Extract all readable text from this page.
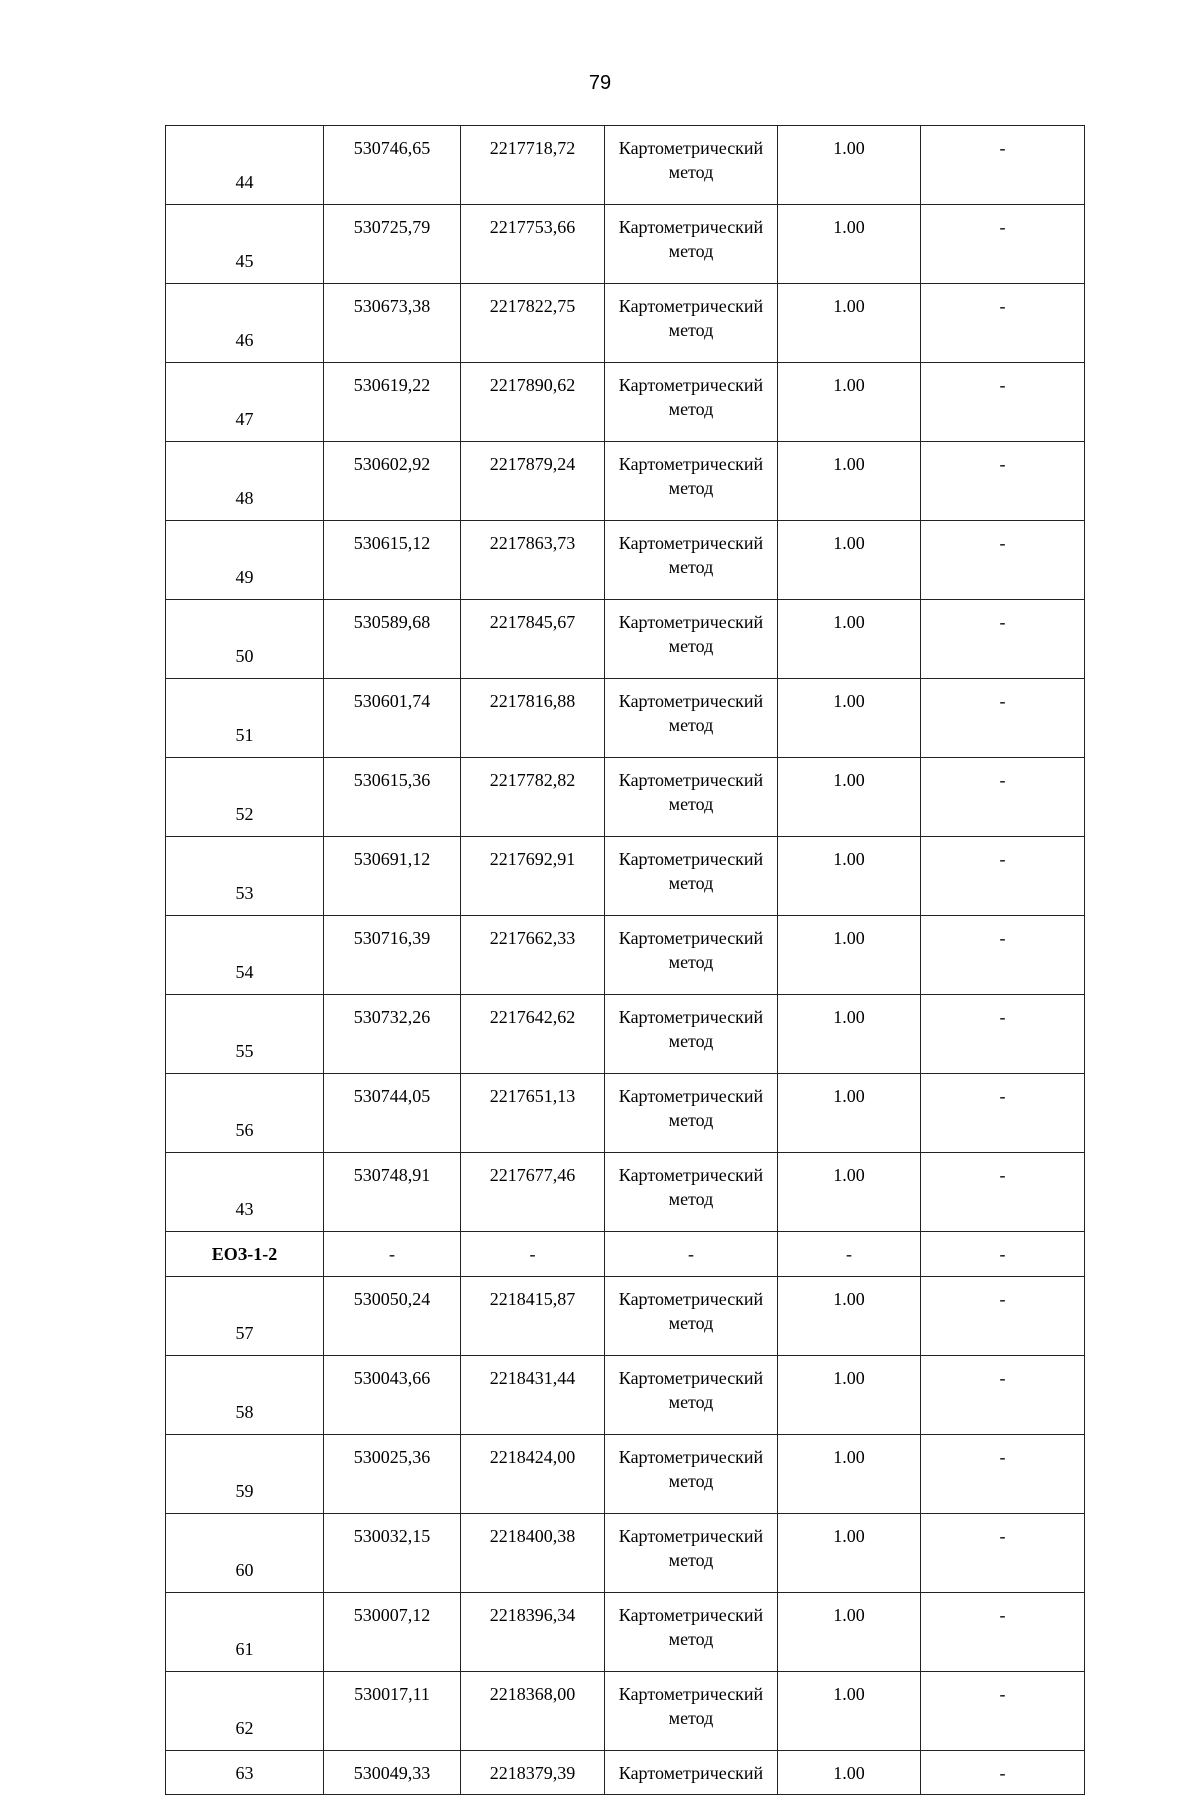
79
44	530746,65	2217718,72	Картометрический метод	1.00	-
45	530725,79	2217753,66	Картометрический метод	1.00	-
46	530673,38	2217822,75	Картометрический метод	1.00	-
47	530619,22	2217890,62	Картометрический метод	1.00	-
48	530602,92	2217879,24	Картометрический метод	1.00	-
49	530615,12	2217863,73	Картометрический метод	1.00	-
50	530589,68	2217845,67	Картометрический метод	1.00	-
51	530601,74	2217816,88	Картометрический метод	1.00	-
52	530615,36	2217782,82	Картометрический метод	1.00	-
53	530691,12	2217692,91	Картометрический метод	1.00	-
54	530716,39	2217662,33	Картометрический метод	1.00	-
55	530732,26	2217642,62	Картометрический метод	1.00	-
56	530744,05	2217651,13	Картометрический метод	1.00	-
43	530748,91	2217677,46	Картометрический метод	1.00	-
ЕОЗ-1-2	-	-	-	-	-
57	530050,24	2218415,87	Картометрический метод	1.00	-
58	530043,66	2218431,44	Картометрический метод	1.00	-
59	530025,36	2218424,00	Картометрический метод	1.00	-
60	530032,15	2218400,38	Картометрический метод	1.00	-
61	530007,12	2218396,34	Картометрический метод	1.00	-
62	530017,11	2218368,00	Картометрический метод	1.00	-
63	530049,33	2218379,39	Картометрический	1.00	-
